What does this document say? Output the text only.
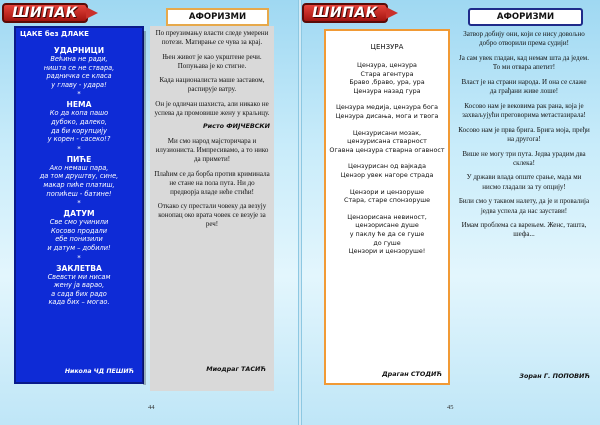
ШИПАК	ШИПАК
АФОРИЗМИ	АФОРИЗМИ
ЦАКЕ без ДЛАКЕ
УДАРНИЦИ
Већина не ради,
ништа се не ствара,
радничка се класа
у главу - удара!
*
НЕМА
Ко да копа пашо
дубоко, далеко,
да би корупцију
у корен - сасеко!?
*
ПИЋЕ
Ако немаш пара,
да том друштву, сине,
макар пиће платиш,
попићеш - батине!
*
ДАТУМ
Све смо учинили
Косово продали
ебе понизили
и датум – добили!
*
ЗАКЛЕТВА
Свевсти ми нисам
жену ја варао,
а сада бих радо
када бих – могао.
Никола ЧД ПЕШИЋ
По преузимању власти следе умерени потези. Матирање се чува за крај.
Њен живот је као укрштене речи. Попуњава је ко стигне.
Када националиста маше заставом, распирује ватру.
Он је одличан шахиста, али никако не успева да промовише жену у краљицу.
Ристо ФИЈЧЕВСКИ
Ми смо народ мајсторичара и илузиониста. Импресивамо, а то нико да примети!
Плаћим се да борба против криминала не стане на пола пута. Ни до предворја владе неће стићи!
Откако су престали човеку да везују конопац око врата човек се везује за реч!
Миодраг ТАСИЋ
44
ЦЕНЗУРА
Цензура, цензура
Стара агентура
Браво ,браво, ура, ура
Цензура назад гура
Цензура медија, цензура бога
Цензура дисања, мога и твога
Цензурисани мозак,
цензурисана стварност
Огавна цензура стварна огавност
Цензурисан од вајкада
Цензор увек нагоре страда
Цензори и цензорушe
Стара, старе спонзорушe
Цензорисана невиност,
цензорисане душе
у паклу ће да се гуше
до гуше
Цензори и цензорушe!
Драган СТОДИЋ
Затвор добију они, који се нису довољно добро отворили према судији!
Ја сам увек гладан, кад немам шта да једем. То ми отвара апетит!
Власт је на страни народа. И она се слаже да грађани живе лоше!
Косово нам је вековима рак рана, која је захваљујући преговорима метастазирала!
Косово нам је прва брига. Брига моја, пређи на другога!
Више не могу три пута. Једва урадим два склека!
У држави влада опште срање, мада ми нисмо гладали за ту опцију!
Били смо у таквом налету, да је и провалија једва успела да нас заустави!
Имам проблема са варењем. Женс, ташта, шефа...
Зоран Г. ПОПОВИЋ
45
